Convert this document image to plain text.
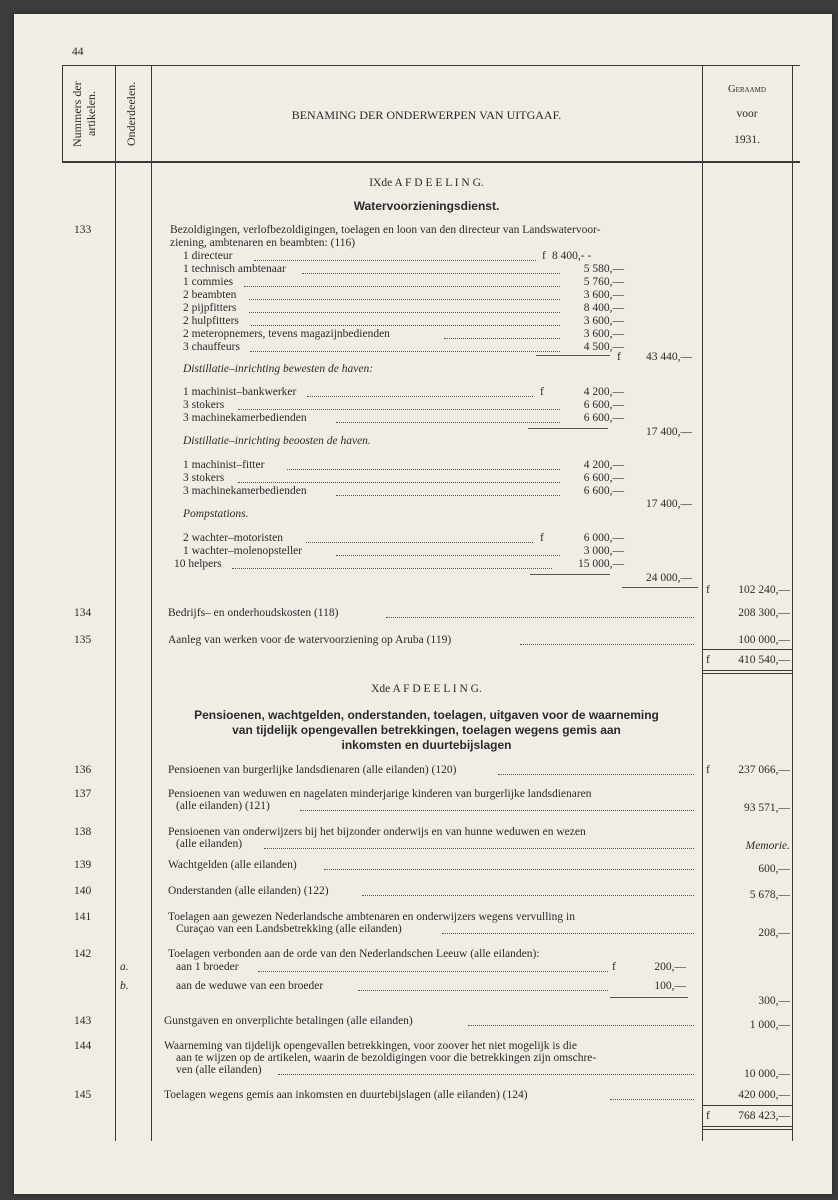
44
Nummers der artikelen.	Onderdeelen.	BENAMING DER ONDERWERPEN VAN UITGAAF.
Geraamd
voor
1931.
IXde A F D E E L I N G.
Watervoorzieningsdienst.
133	Bezoldigingen, verlofbezoldigingen, toelagen en loon van den directeur van Landswatervoor-
ziening, ambtenaren en beambten: (116)
1 directeur	f 8 400,- -
1 technisch ambtenaar	5 580,—
1 commies	5 760,—
2 beambten	3 600,—
2 pijpfitters	8 400,—
2 hulpfitters	3 600,—
2 meteropnemers, tevens magazijnbedienden	3 600,—
3 chauffeurs	4 500,—
f	43 440,—
Distillatie–inrichting bewesten de haven:
1 machinist–bankwerker	f	4 200,—
3 stokers	6 600,—
3 machinekamerbedienden	6 600,—
17 400,—
Distillatie–inrichting beoosten de haven.
1 machinist–fitter	4 200,—
3 stokers	6 600,—
3 machinekamerbedienden	6 600,—
17 400,—
Pompstations.
2 wachter–motoristen	f	6 000,—
1 wachter–molenopsteller	3 000,—
10 helpers	15 000,—
24 000,—
f	102 240,—
134	Bedrijfs– en onderhoudskosten (118)	208 300,—
135	Aanleg van werken voor de watervoorziening op Aruba (119)	100 000,—
f	410 540,—
Xde A F D E E L I N G.
Pensioenen, wachtgelden, onderstanden, toelagen, uitgaven voor de waarneming
van tijdelijk opengevallen betrekkingen, toelagen wegens gemis aan
inkomsten en duurtebijslagen
136	Pensioenen van burgerlijke landsdienaren (alle eilanden) (120)	f	237 066,—
137	Pensioenen van weduwen en nagelaten minderjarige kinderen van burgerlijke landsdienaren
(alle eilanden) (121)	93 571,—
138	Pensioenen van onderwijzers bij het bijzonder onderwijs en van hunne weduwen en wezen
(alle eilanden)	Memorie.
139	Wachtgelden (alle eilanden)	600,—
140	Onderstanden (alle eilanden) (122)	5 678,—
141	Toelagen aan gewezen Nederlandsche ambtenaren en onderwijzers wegens vervulling in
Curaçao van een Landsbetrekking (alle eilanden)	208,—
142	Toelagen verbonden aan de orde van den Nederlandschen Leeuw (alle eilanden):
a.	aan 1 broeder	f	200,—
b.	aan de weduwe van een broeder	100,—
300,—
143	Gunstgaven en onverplichte betalingen (alle eilanden)	1 000,—
144	Waarneming van tijdelijk opengevallen betrekkingen, voor zoover het niet mogelijk is die
aan te wijzen op de artikelen, waarin de bezoldigingen voor die betrekkingen zijn omschre-
ven (alle eilanden)	10 000,—
145	Toelagen wegens gemis aan inkomsten en duurtebijslagen (alle eilanden) (124)	420 000,—
f	768 423,—
